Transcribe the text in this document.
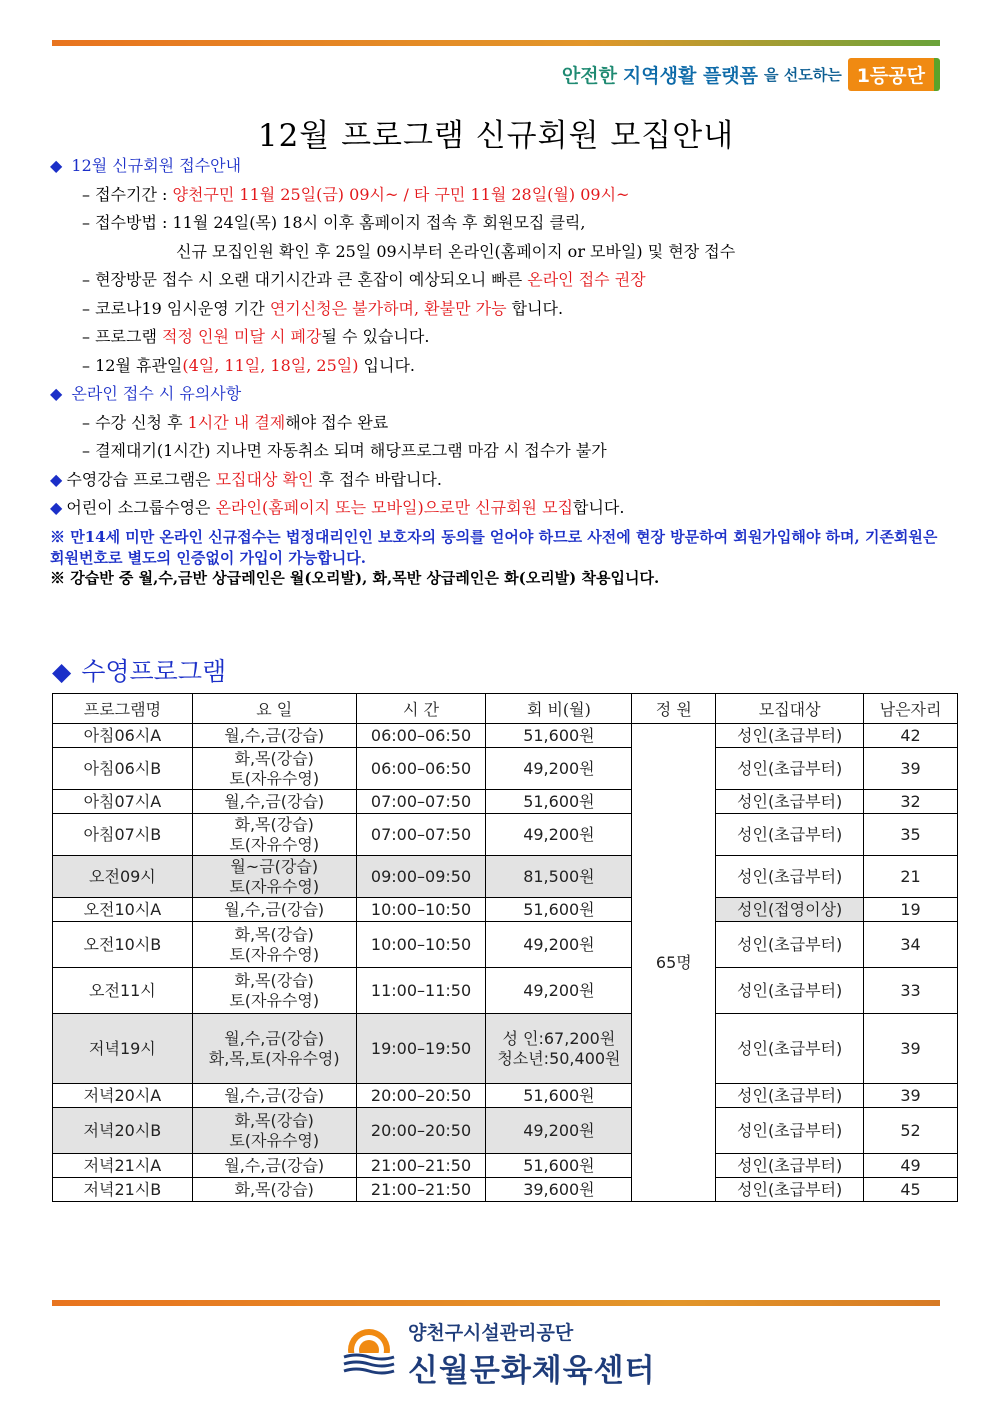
안전한 지역생활 플랫폼 을 선도하는 1등공단
12월 프로그램 신규회원 모집안내
◆ 12월 신규회원 접수안내
– 접수기간 : 양천구민 11월 25일(금) 09시~ / 타 구민 11월 28일(월) 09시~
– 접수방법 : 11월 24일(목) 18시 이후 홈페이지 접속 후 회원모집 클릭,
신규 모집인원 확인 후 25일 09시부터 온라인(홈페이지 or 모바일) 및 현장 접수
– 현장방문 접수 시 오랜 대기시간과 큰 혼잡이 예상되오니 빠른 온라인 접수 권장
– 코로나19 임시운영 기간 연기신청은 불가하며, 환불만 가능 합니다.
– 프로그램 적정 인원 미달 시 폐강될 수 있습니다.
– 12월 휴관일(4일, 11일, 18일, 25일) 입니다.
◆ 온라인 접수 시 유의사항
– 수강 신청 후 1시간 내 결제해야 접수 완료
– 결제대기(1시간) 지나면 자동취소 되며 해당프로그램 마감 시 접수가 불가
◆ 수영강습 프로그램은 모집대상 확인 후 접수 바랍니다.
◆ 어린이 소그룹수영은 온라인(홈페이지 또는 모바일)으로만 신규회원 모집합니다.
※ 만14세 미만 온라인 신규접수는 법정대리인인 보호자의 동의를 얻어야 하므로 사전에 현장 방문하여 회원가입해야 하며, 기존회원은 회원번호로 별도의 인증없이 가입이 가능합니다.
※ 강습반 중 월,수,금반 상급레인은 월(오리발), 화,목반 상급레인은 화(오리발) 착용입니다.
◆ 수영프로그램
프로그램명	요 일	시 간	회 비(월)	정 원	모집대상	남은자리

아침06시A	월,수,금(강습)	06:00–06:50	51,600원	65명	성인(초급부터)	42

아침06시B	화,목(강습)
토(자유수영)	06:00–06:50	49,200원		성인(초급부터)	39

아침07시A	월,수,금(강습)	07:00–07:50	51,600원		성인(초급부터)	32

아침07시B	화,목(강습)
토(자유수영)	07:00–07:50	49,200원		성인(초급부터)	35

오전09시	월~금(강습)
토(자유수영)	09:00–09:50	81,500원		성인(초급부터)	21

오전10시A	월,수,금(강습)	10:00–10:50	51,600원		성인(접영이상)	19

오전10시B	화,목(강습)
토(자유수영)	10:00–10:50	49,200원		성인(초급부터)	34

오전11시	화,목(강습)
토(자유수영)	11:00–11:50	49,200원		성인(초급부터)	33

저녁19시	월,수,금(강습)
화,목,토(자유수영)	19:00–19:50	성 인:67,200원
청소년:50,400원		성인(초급부터)	39

저녁20시A	월,수,금(강습)	20:00–20:50	51,600원		성인(초급부터)	39

저녁20시B	화,목(강습)
토(자유수영)	20:00–20:50	49,200원		성인(초급부터)	52

저녁21시A	월,수,금(강습)	21:00–21:50	51,600원		성인(초급부터)	49

저녁21시B	화,목(강습)	21:00–21:50	39,600원		성인(초급부터)	45
양천구시설관리공단
신월문화체육센터
